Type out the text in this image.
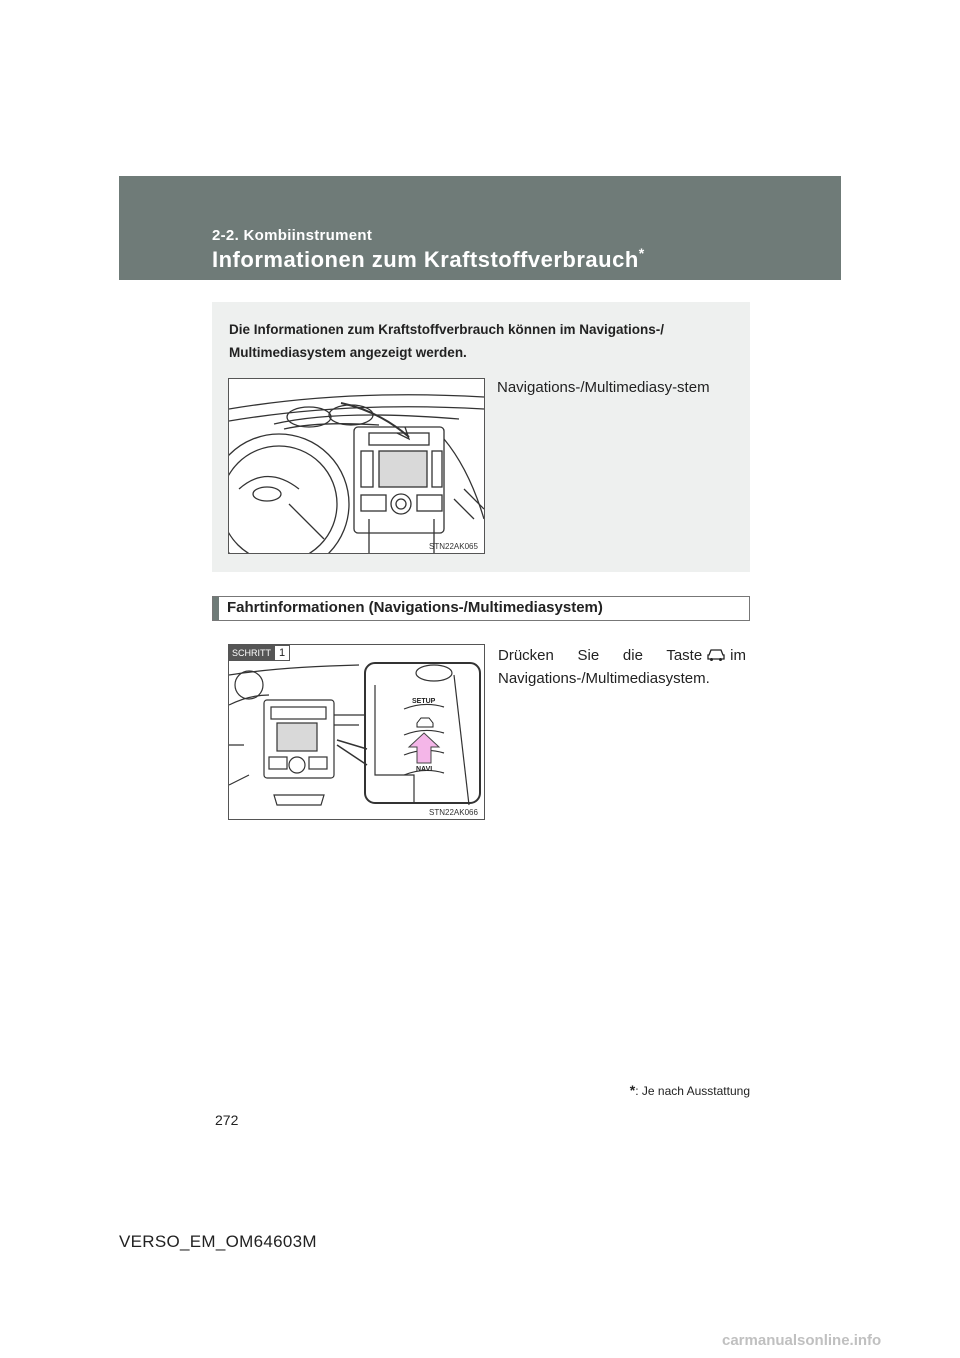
2-2. Kombiinstrument
Informationen zum Kraftstoffverbrauch*
Die Informationen zum Kraftstoffverbrauch können im Navigations-/ Multimediasystem angezeigt werden.
STN22AK065
Navigations-/Multimediasy-stem
Fahrtinformationen (Navigations-/Multimediasystem)
SETUP
NAVI
SCHRITT 1
STN22AK066
Drücken Sie die Taste im Navigations-/Multimediasystem.
*: Je nach Ausstattung
272
VERSO_EM_OM64603M
carmanualsonline.info
